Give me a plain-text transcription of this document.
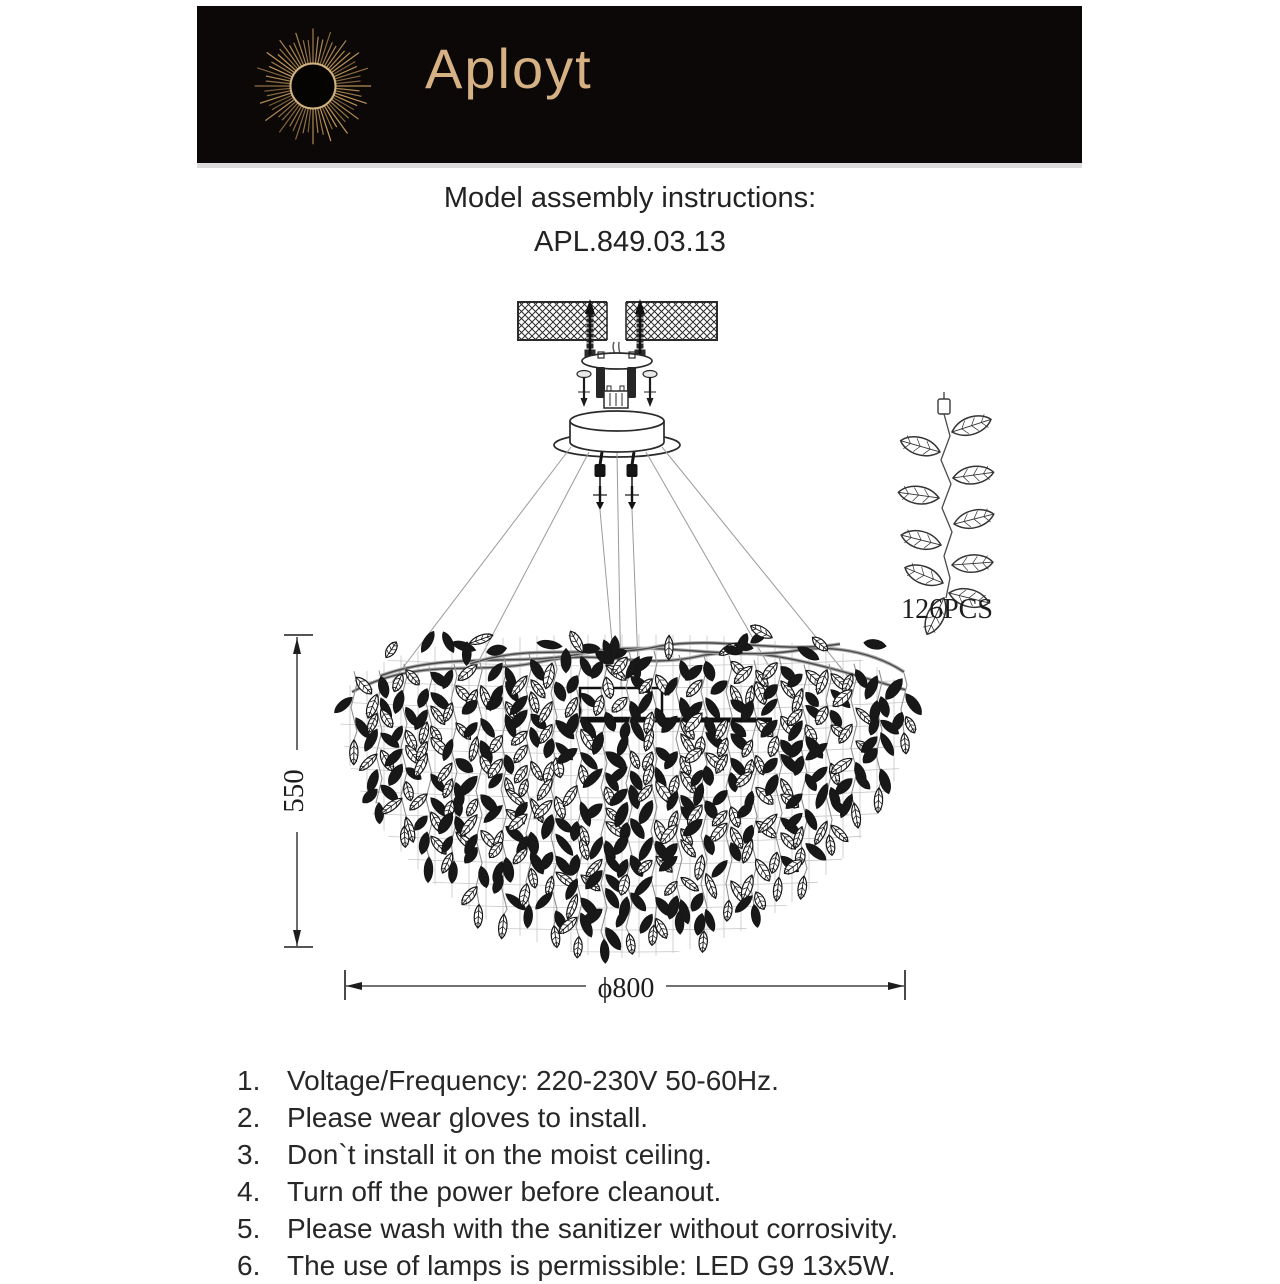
Aployt
Model assembly instructions:
APL.849.03.13
126PCS
550
ϕ800
1. Voltage/Frequency: 220-230V 50-60Hz.
2. Please wear gloves to install.
3. Don`t install it on the moist ceiling.
4. Turn off the power before cleanout.
5. Please wash with the sanitizer without corrosivity.
6. The use of lamps is permissible: LED G9 13x5W.
